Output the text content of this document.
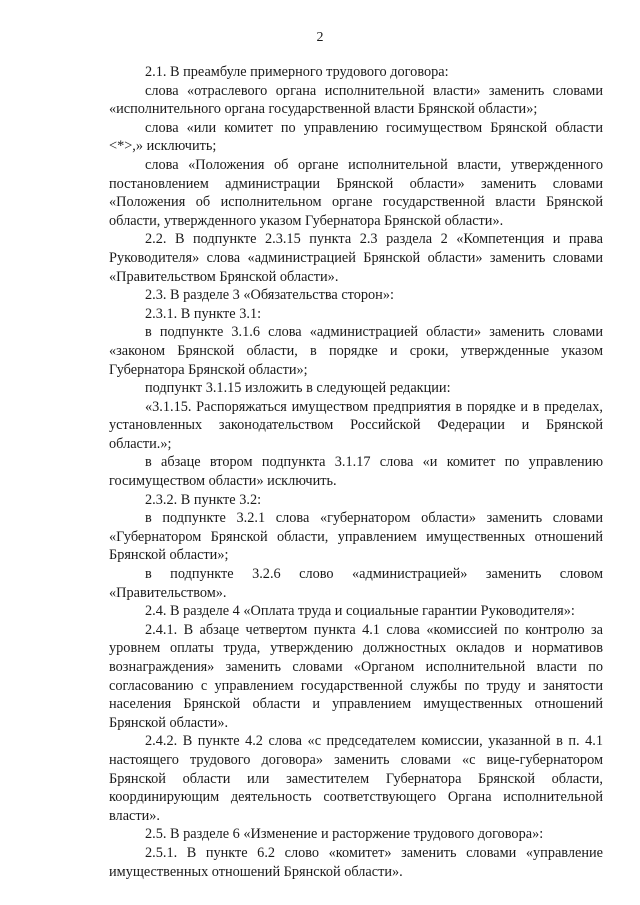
2

2.1. В преамбуле примерного трудового договора:

слова «отраслевого органа исполнительной власти» заменить словами «исполнительного органа государственной власти Брянской области»;

слова «или комитет по управлению госимуществом Брянской области <*>,» исключить;

слова «Положения об органе исполнительной власти, утвержденного постановлением администрации Брянской области» заменить словами «Положения об исполнительном органе государственной власти Брянской области, утвержденного указом Губернатора Брянской области».

2.2. В подпункте 2.3.15 пункта 2.3 раздела 2 «Компетенция и права Руководителя» слова «администрацией Брянской области» заменить словами «Правительством Брянской области».

2.3. В разделе 3 «Обязательства сторон»:

2.3.1. В пункте 3.1:

в подпункте 3.1.6 слова «администрацией области» заменить словами «законом Брянской области, в порядке и сроки, утвержденные указом Губернатора Брянской области»;

подпункт 3.1.15 изложить в следующей редакции:

«3.1.15. Распоряжаться имуществом предприятия в порядке и в пределах, установленных законодательством Российской Федерации и Брянской области.»;

в абзаце втором подпункта 3.1.17 слова «и комитет по управлению госимуществом области» исключить.

2.3.2. В пункте 3.2:

в подпункте 3.2.1 слова «губернатором области» заменить словами «Губернатором Брянской области, управлением имущественных отношений Брянской области»;

в подпункте 3.2.6 слово «администрацией» заменить словом «Правительством».

2.4. В разделе 4 «Оплата труда и социальные гарантии Руководителя»:

2.4.1. В абзаце четвертом пункта 4.1 слова «комиссией по контролю за уровнем оплаты труда, утверждению должностных окладов и нормативов вознаграждения» заменить словами «Органом исполнительной власти по согласованию с управлением государственной службы по труду и занятости населения Брянской области и управлением имущественных отношений Брянской области».

2.4.2. В пункте 4.2 слова «с председателем комиссии, указанной в п. 4.1 настоящего трудового договора» заменить словами «с вице-губернатором Брянской области или заместителем Губернатора Брянской области, координирующим деятельность соответствующего Органа исполнительной власти».

2.5. В разделе 6 «Изменение и расторжение трудового договора»:

2.5.1. В пункте 6.2 слово «комитет» заменить словами «управление имущественных отношений Брянской области».
